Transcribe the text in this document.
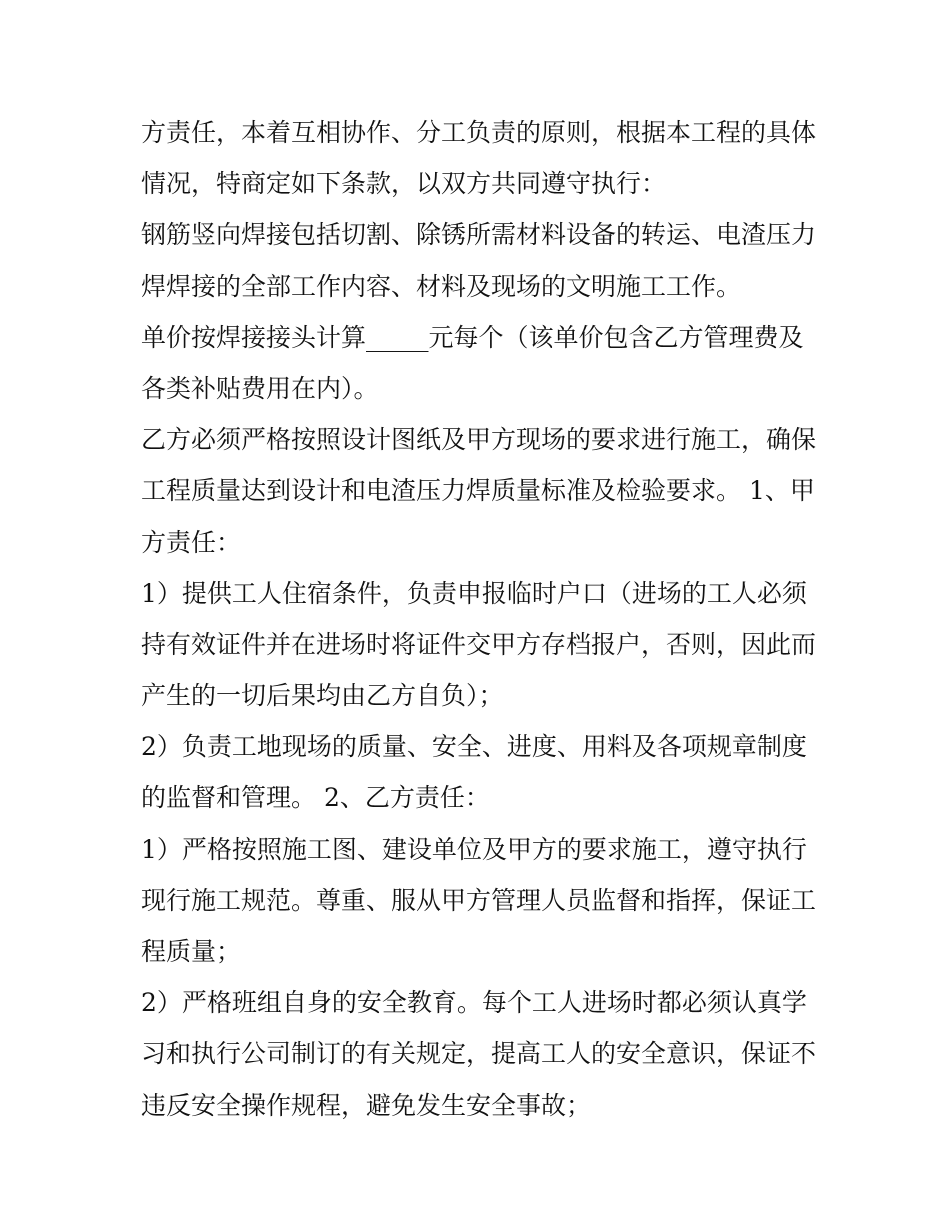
方责任，本着互相协作、分工负责的原则，根据本工程的具体
情况，特商定如下条款，以双方共同遵守执行：
钢筋竖向焊接包括切割、除锈所需材料设备的转运、电渣压力
焊焊接的全部工作内容、材料及现场的文明施工工作。
单价按焊接接头计算_____元每个（该单价包含乙方管理费及
各类补贴费用在内）。
乙方必须严格按照设计图纸及甲方现场的要求进行施工，确保
工程质量达到设计和电渣压力焊质量标准及检验要求。 1、甲
方责任：
1）提供工人住宿条件，负责申报临时户口（进场的工人必须
持有效证件并在进场时将证件交甲方存档报户，否则，因此而
产生的一切后果均由乙方自负）；
2）负责工地现场的质量、安全、进度、用料及各项规章制度
的监督和管理。 2、乙方责任：
1）严格按照施工图、建设单位及甲方的要求施工，遵守执行
现行施工规范。尊重、服从甲方管理人员监督和指挥，保证工
程质量；
2）严格班组自身的安全教育。每个工人进场时都必须认真学
习和执行公司制订的有关规定，提高工人的安全意识，保证不
违反安全操作规程，避免发生安全事故；
